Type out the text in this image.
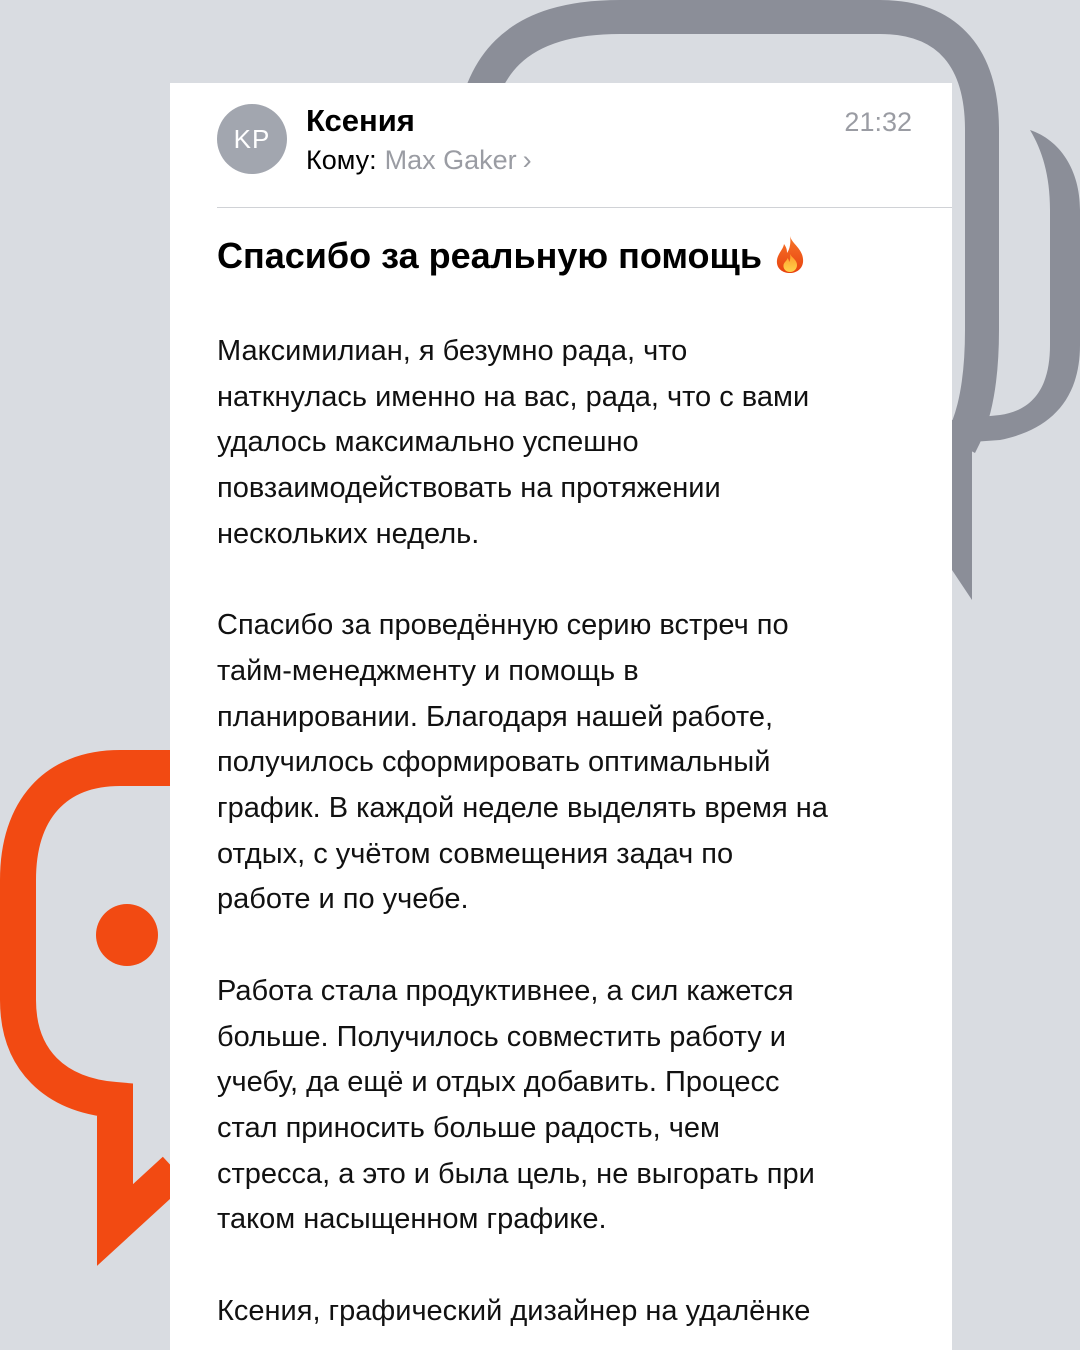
KP
Ксения
Кому: Max Gaker ›
21:32
Спасибо за реальную помощь

Максимилиан, я безумно рада, что
наткнулась именно на вас, рада, что с вами
удалось максимально успешно
повзаимодействовать на протяжении
нескольких недель.

Спасибо за проведённую серию встреч по
тайм-менеджменту и помощь в
планировании. Благодаря нашей работе,
получилось сформировать оптимальный
график. В каждой неделе выделять время на
отдых, с учётом совмещения задач по
работе и по учебе.

Работа стала продуктивнее, а сил кажется
больше. Получилось совместить работу и
учебу, да ещё и отдых добавить. Процесс
стал приносить больше радость, чем
стресса, а это и была цель, не выгорать при
таком насыщенном графике.

Ксения, графический дизайнер на удалёнке
